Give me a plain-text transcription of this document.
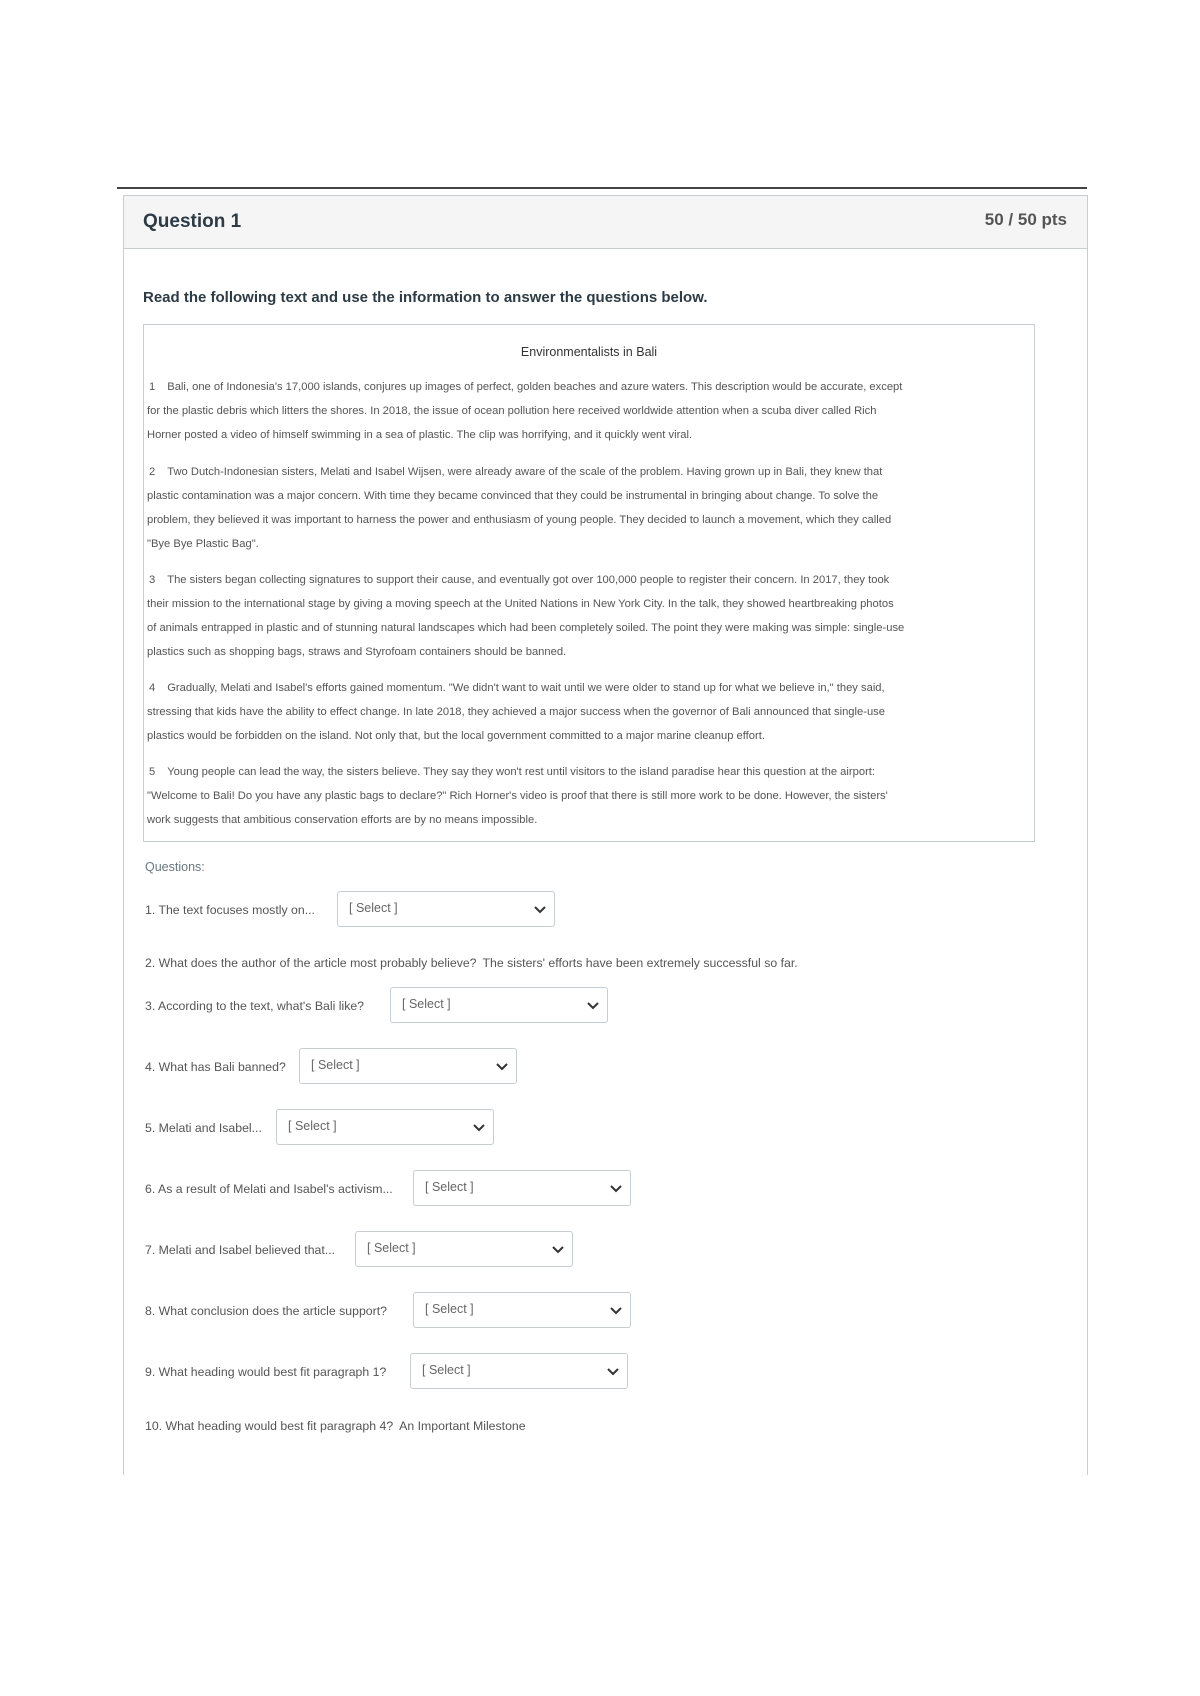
Question 1	50 / 50 pts
Read the following text and use the information to answer the questions below.
Environmentalists in Bali
1 Bali, one of Indonesia's 17,000 islands, conjures up images of perfect, golden beaches and azure waters. This description would be accurate, except
for the plastic debris which litters the shores. In 2018, the issue of ocean pollution here received worldwide attention when a scuba diver called Rich
Horner posted a video of himself swimming in a sea of plastic. The clip was horrifying, and it quickly went viral.
2 Two Dutch-Indonesian sisters, Melati and Isabel Wijsen, were already aware of the scale of the problem. Having grown up in Bali, they knew that
plastic contamination was a major concern. With time they became convinced that they could be instrumental in bringing about change. To solve the
problem, they believed it was important to harness the power and enthusiasm of young people. They decided to launch a movement, which they called
"Bye Bye Plastic Bag".
3 The sisters began collecting signatures to support their cause, and eventually got over 100,000 people to register their concern. In 2017, they took
their mission to the international stage by giving a moving speech at the United Nations in New York City. In the talk, they showed heartbreaking photos
of animals entrapped in plastic and of stunning natural landscapes which had been completely soiled. The point they were making was simple: single-use
plastics such as shopping bags, straws and Styrofoam containers should be banned.
4 Gradually, Melati and Isabel's efforts gained momentum. "We didn't want to wait until we were older to stand up for what we believe in," they said,
stressing that kids have the ability to effect change. In late 2018, they achieved a major success when the governor of Bali announced that single-use
plastics would be forbidden on the island. Not only that, but the local government committed to a major marine cleanup effort.
5 Young people can lead the way, the sisters believe. They say they won't rest until visitors to the island paradise hear this question at the airport:
"Welcome to Bali! Do you have any plastic bags to declare?" Rich Horner's video is proof that there is still more work to be done. However, the sisters'
work suggests that ambitious conservation efforts are by no means impossible.
Questions:
1. The text focuses mostly on...	[ Select ]
2. What does the author of the article most probably believe? The sisters' efforts have been extremely successful so far.
3. According to the text, what's Bali like?	[ Select ]
4. What has Bali banned? [ Select ]
5. Melati and Isabel... [ Select ]
6. As a result of Melati and Isabel's activism...	[ Select ]
7. Melati and Isabel believed that...	[ Select ]
8. What conclusion does the article support?	[ Select ]
9. What heading would best fit paragraph 1?	[ Select ]
10. What heading would best fit paragraph 4? An Important Milestone
